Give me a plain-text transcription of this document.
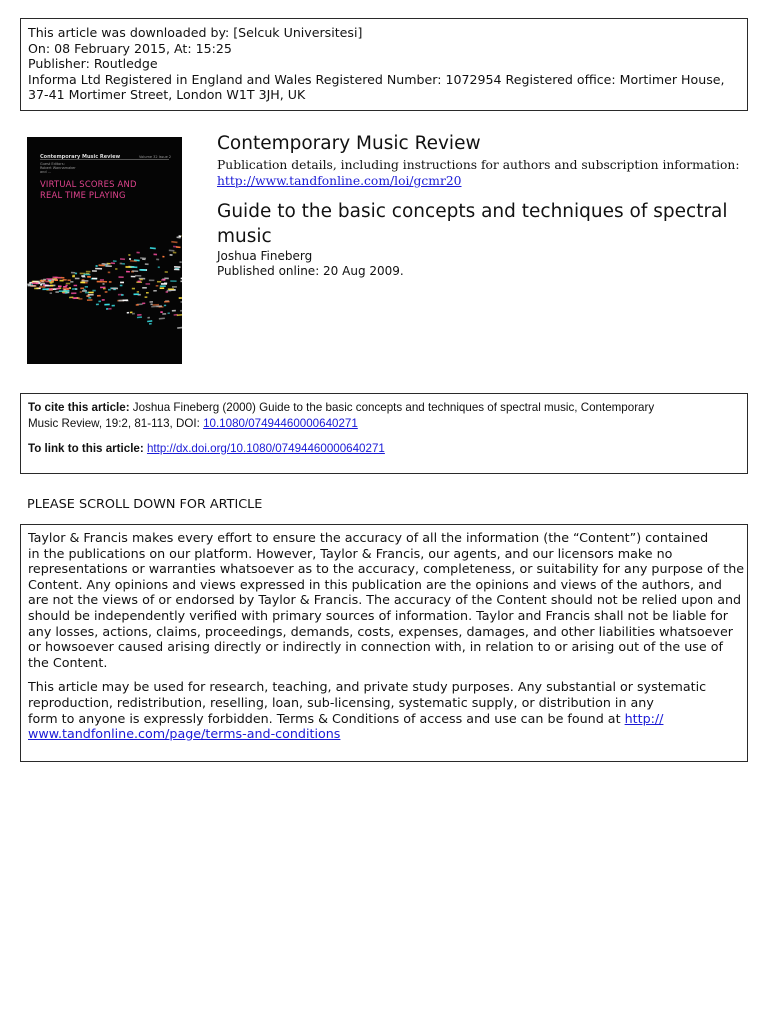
This article was downloaded by: [Selcuk Universitesi]
On: 08 February 2015, At: 15:25
Publisher: Routledge
Informa Ltd Registered in England and Wales Registered Number: 1072954 Registered office: Mortimer House,
37-41 Mortimer Street, London W1T 3JH, UK
Contemporary Music Review	Volume 32 Issue 2
Guest Editors:
Robert Wannamaker
and ...
VIRTUAL SCORES AND
REAL TIME PLAYING
Contemporary Music Review
Publication details, including instructions for authors and subscription information:
http://www.tandfonline.com/loi/gcmr20
Guide to the basic concepts and techniques of spectral music
Joshua Fineberg
Published online: 20 Aug 2009.
To cite this article: Joshua Fineberg (2000) Guide to the basic concepts and techniques of spectral music, Contemporary
Music Review, 19:2, 81-113, DOI: 10.1080/07494460000640271
To link to this article: http://dx.doi.org/10.1080/07494460000640271
PLEASE SCROLL DOWN FOR ARTICLE
Taylor & Francis makes every effort to ensure the accuracy of all the information (the “Content”) contained
in the publications on our platform. However, Taylor & Francis, our agents, and our licensors make no
representations or warranties whatsoever as to the accuracy, completeness, or suitability for any purpose of the
Content. Any opinions and views expressed in this publication are the opinions and views of the authors, and
are not the views of or endorsed by Taylor & Francis. The accuracy of the Content should not be relied upon and
should be independently verified with primary sources of information. Taylor and Francis shall not be liable for
any losses, actions, claims, proceedings, demands, costs, expenses, damages, and other liabilities whatsoever
or howsoever caused arising directly or indirectly in connection with, in relation to or arising out of the use of
the Content.
This article may be used for research, teaching, and private study purposes. Any substantial or systematic
reproduction, redistribution, reselling, loan, sub-licensing, systematic supply, or distribution in any
form to anyone is expressly forbidden. Terms & Conditions of access and use can be found at http://
www.tandfonline.com/page/terms-and-conditions
